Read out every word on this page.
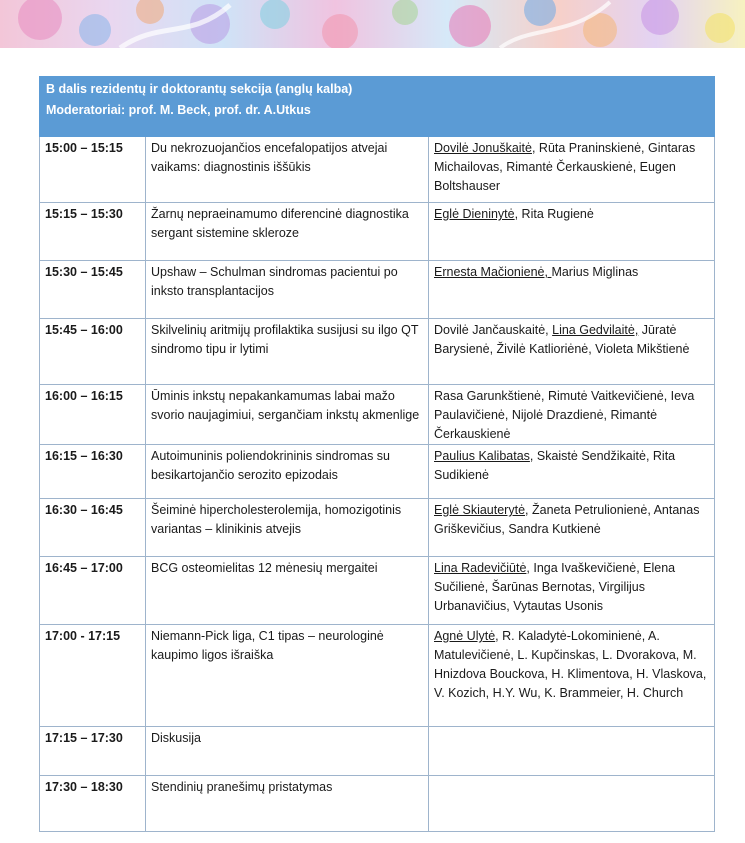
B dalis rezidentų ir doktorantų sekcija (anglų kalba)
Moderatoriai: prof. M. Beck, prof. dr. A.Utkus		

15:00 – 15:15	Du nekrozuojančios encefalopatijos atvejai vaikams: diagnostinis iššūkis	Dovilė Jonuškaitė, Rūta Praninskienė, Gintaras Michailovas, Rimantė Čerkauskienė, Eugen Boltshauser
15:15 – 15:30	Žarnų nepraeinamumo diferencinė diagnostika sergant sistemine skleroze	Eglė Dieninytė, Rita Rugienė
15:30 – 15:45	Upshaw – Schulman sindromas pacientui po inksto transplantacijos	Ernesta Mačionienė, Marius Miglinas
15:45 – 16:00	Skilvelinių aritmijų profilaktika susijusi su ilgo QT sindromo tipu ir lytimi	Dovilė Jančauskaitė, Lina Gedvilaitė, Jūratė Barysienė, Živilė Katlioriėnė, Violeta Mikštienė
16:00 – 16:15	Ūminis inkstų nepakankamumas labai mažo svorio naujagimiui, sergančiam inkstų akmenlige	Rasa Garunkštienė, Rimutė Vaitkevičienė, Ieva Paulavičienė, Nijolė Drazdienė, Rimantė Čerkauskienė
16:15 – 16:30	Autoimuninis poliendokrininis sindromas su besikartojančio serozito epizodais	Paulius Kalibatas, Skaistė Sendžikaitė, Rita Sudikienė
16:30 – 16:45	Šeiminė hipercholesterolemija, homozigotinis variantas – klinikinis atvejis	Eglė Skiauterytė, Žaneta Petrulionienė, Antanas Griškevičius, Sandra Kutkienė
16:45 – 17:00	BCG osteomielitas 12 mėnesių mergaitei	Lina Radevičiūtė, Inga Ivaškevičienė, Elena Sučilienė, Šarūnas Bernotas, Virgilijus Urbanavičius, Vytautas Usonis
17:00 - 17:15	Niemann-Pick liga, C1 tipas – neurologinė kaupimo ligos išraiška	Agnė Ulytė, R. Kaladytė-Lokominienė, A. Matulevičienė, L. Kupčinskas, L. Dvorakova, M. Hnizdova Bouckova, H. Klimentova, H. Vlaskova, V. Kozich, H.Y. Wu, K. Brammeier, H. Church
17:15 – 17:30	Diskusija	
17:30 – 18:30	Stendinių pranešimų pristatymas	
